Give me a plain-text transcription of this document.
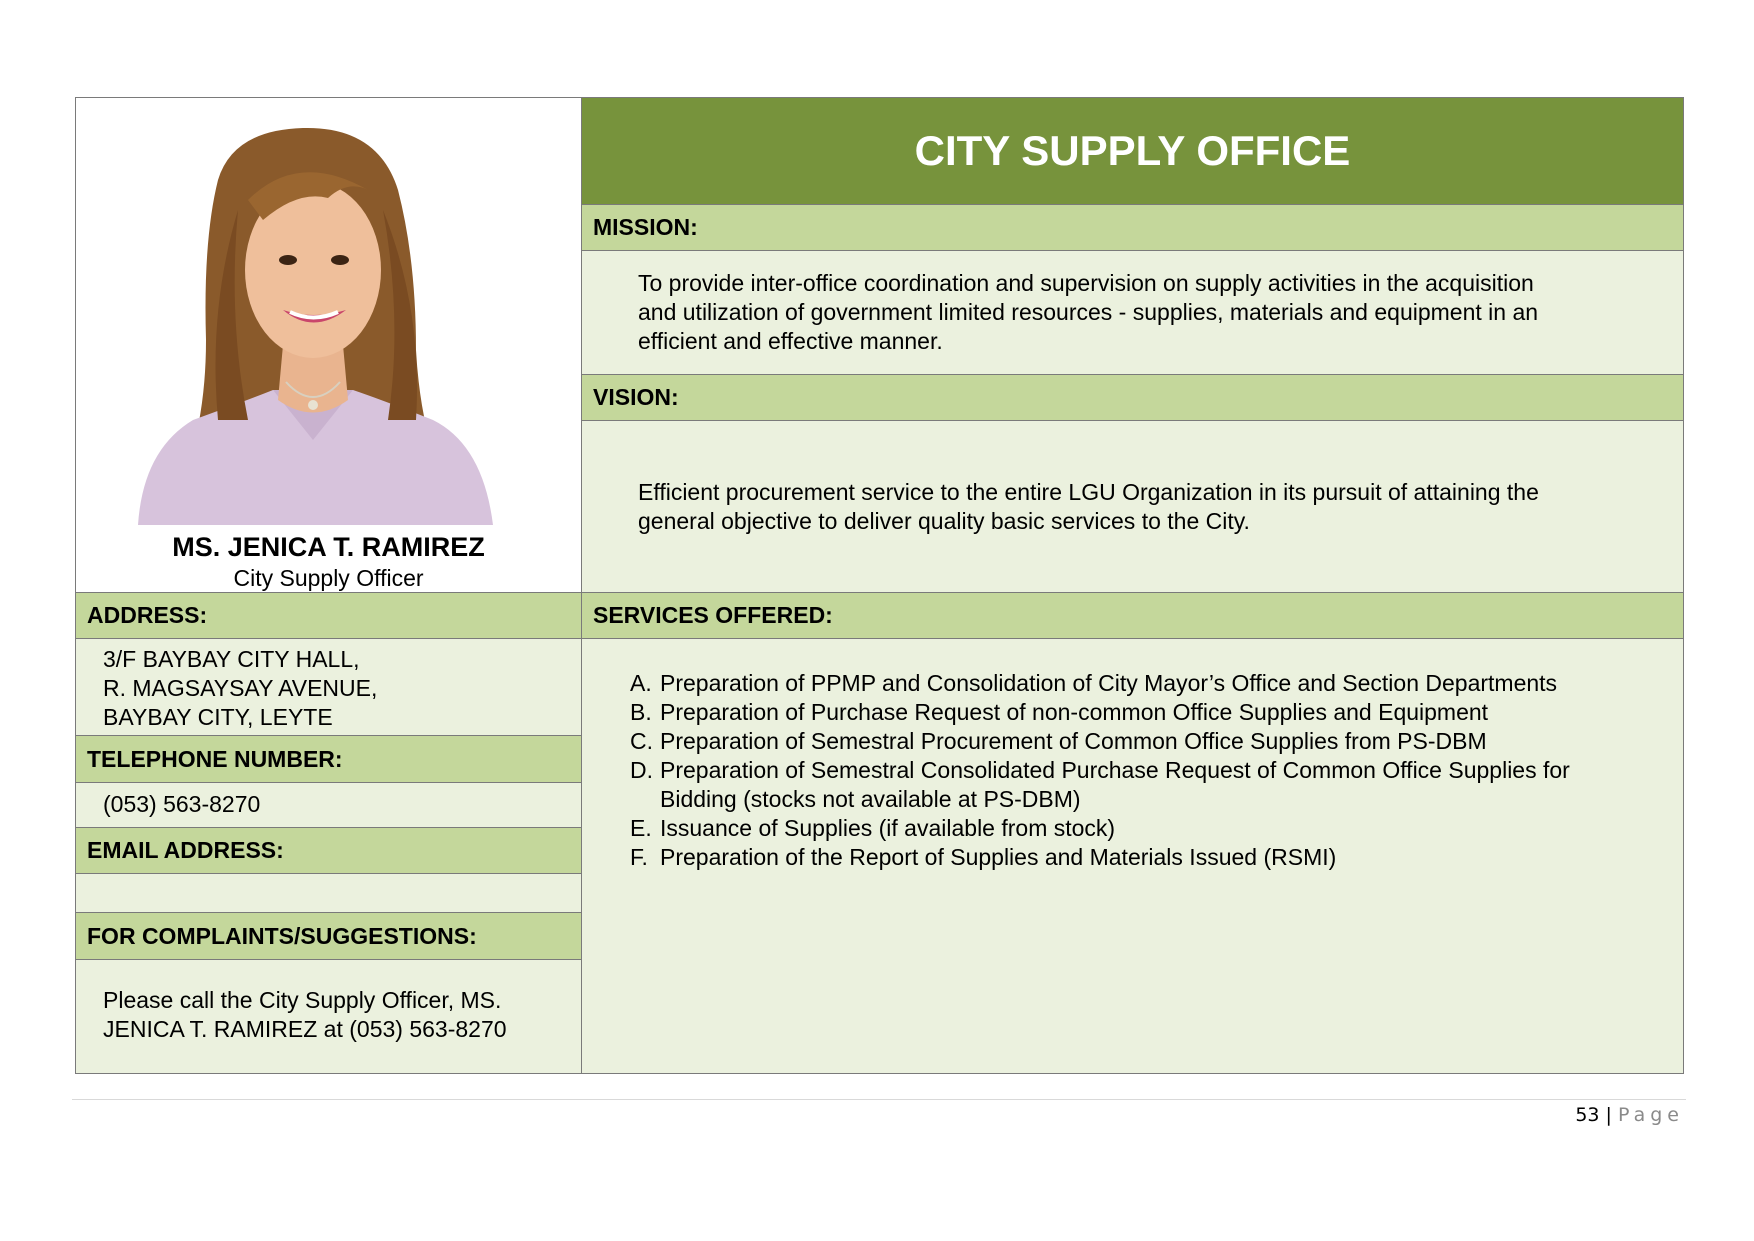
MS. JENICA T. RAMIREZ
City Supply Officer
ADDRESS:
3/F BAYBAY CITY HALL,
R. MAGSAYSAY AVENUE,
BAYBAY CITY, LEYTE
TELEPHONE NUMBER:
(053) 563-8270
EMAIL ADDRESS:
FOR COMPLAINTS/SUGGESTIONS:
Please call the City Supply Officer, MS.
JENICA T. RAMIREZ at (053) 563-8270
CITY SUPPLY OFFICE
MISSION:
To provide inter-office coordination and supervision on supply activities in the acquisition
and utilization of government limited resources - supplies, materials and equipment in an
efficient and effective manner.
VISION:
Efficient procurement service to the entire LGU Organization in its pursuit of attaining the
general objective to deliver quality basic services to the City.
SERVICES OFFERED:
A. Preparation of PPMP and Consolidation of City Mayor’s Office and Section Departments
B. Preparation of Purchase Request of non-common Office Supplies and Equipment
C. Preparation of Semestral Procurement of Common Office Supplies from PS-DBM
D. Preparation of Semestral Consolidated Purchase Request of Common Office Supplies for Bidding (stocks not available at PS-DBM)
E. Issuance of Supplies (if available from stock)
F. Preparation of the Report of Supplies and Materials Issued (RSMI)
53 | Page
